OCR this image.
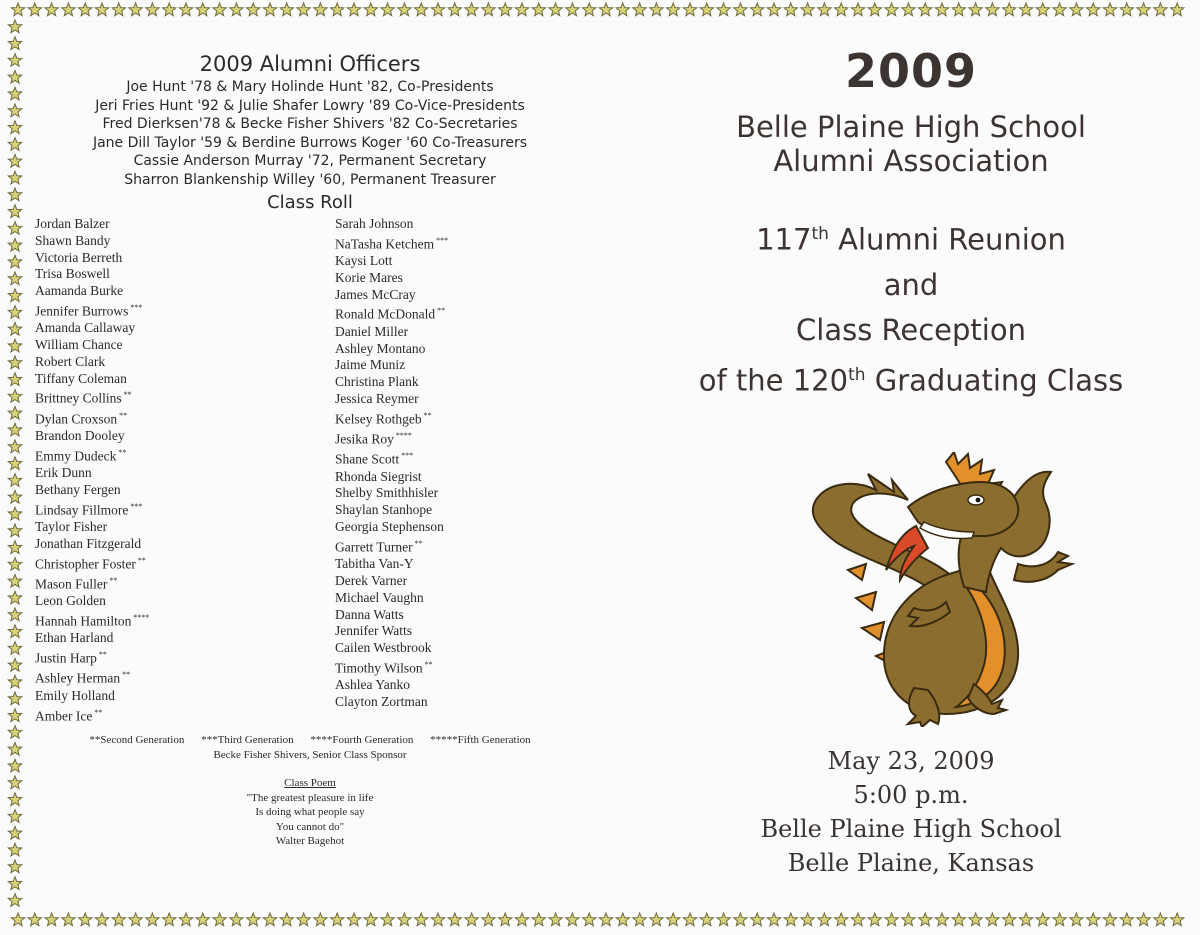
2009 Alumni Officers
Joe Hunt '78 & Mary Holinde Hunt '82, Co-Presidents
Jeri Fries Hunt '92 & Julie Shafer Lowry '89 Co-Vice-Presidents
Fred Dierksen'78 & Becke Fisher Shivers '82 Co-Secretaries
Jane Dill Taylor '59 & Berdine Burrows Koger '60 Co-Treasurers
Cassie Anderson Murray '72, Permanent Secretary
Sharron Blankenship Willey '60, Permanent Treasurer
Class Roll
Jordan Balzer
Shawn Bandy
Victoria Berreth
Trisa Boswell
Aamanda Burke
Jennifer Burrows ***
Amanda Callaway
William Chance
Robert Clark
Tiffany Coleman
Brittney Collins **
Dylan Croxson **
Brandon Dooley
Emmy Dudeck **
Erik Dunn
Bethany Fergen
Lindsay Fillmore ***
Taylor Fisher
Jonathan Fitzgerald
Christopher Foster **
Mason Fuller **
Leon Golden
Hannah Hamilton ****
Ethan Harland
Justin Harp **
Ashley Herman **
Emily Holland
Amber Ice **
Sarah Johnson
NaTasha Ketchem ***
Kaysi Lott
Korie Mares
James McCray
Ronald McDonald **
Daniel Miller
Ashley Montano
Jaime Muniz
Christina Plank
Jessica Reymer
Kelsey Rothgeb **
Jesika Roy ****
Shane Scott ***
Rhonda Siegrist
Shelby Smithhisler
Shaylan Stanhope
Georgia Stephenson
Garrett Turner **
Tabitha Van-Y
Derek Varner
Michael Vaughn
Danna Watts
Jennifer Watts
Cailen Westbrook
Timothy Wilson **
Ashlea Yanko
Clayton Zortman
**Second Generation ***Third Generation ****Fourth Generation *****Fifth Generation
Becke Fisher Shivers, Senior Class Sponsor
Class Poem
"The greatest pleasure in life
Is doing what people say
You cannot do"
Walter Bagehot
2009
Belle Plaine High School
Alumni Association
117th Alumni Reunion
and
Class Reception
of the 120th Graduating Class
May 23, 2009
5:00 p.m.
Belle Plaine High School
Belle Plaine, Kansas
